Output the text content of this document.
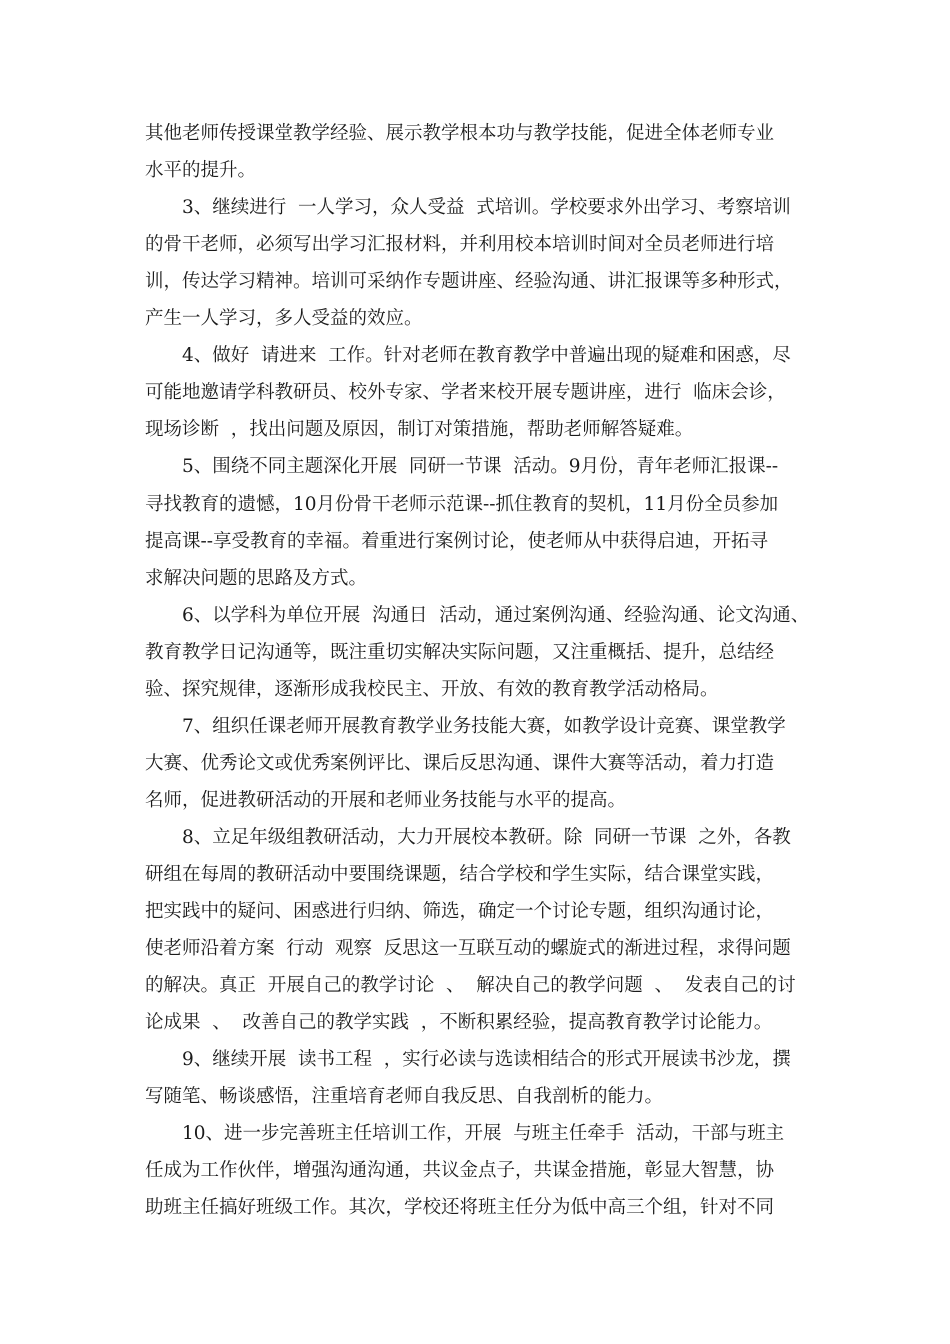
其他老师传授课堂教学经验、展示教学根本功与教学技能，促进全体老师专业
水平的提升。
3、继续进行  一人学习，众人受益  式培训。学校要求外出学习、考察培训
的骨干老师，必须写出学习汇报材料，并利用校本培训时间对全员老师进行培
训，传达学习精神。培训可采纳作专题讲座、经验沟通、讲汇报课等多种形式，
产生一人学习，多人受益的效应。
4、做好  请进来  工作。针对老师在教育教学中普遍出现的疑难和困惑，尽
可能地邀请学科教研员、校外专家、学者来校开展专题讲座，进行  临床会诊，
现场诊断  ，找出问题及原因，制订对策措施，帮助老师解答疑难。
5、围绕不同主题深化开展  同研一节课  活动。9月份，青年老师汇报课--
寻找教育的遗憾，10月份骨干老师示范课--抓住教育的契机，11月份全员参加
提高课--享受教育的幸福。着重进行案例讨论，使老师从中获得启迪，开拓寻
求解决问题的思路及方式。
6、以学科为单位开展  沟通日  活动，通过案例沟通、经验沟通、论文沟通、
教育教学日记沟通等，既注重切实解决实际问题，又注重概括、提升，总结经
验、探究规律，逐渐形成我校民主、开放、有效的教育教学活动格局。
7、组织任课老师开展教育教学业务技能大赛，如教学设计竞赛、课堂教学
大赛、优秀论文或优秀案例评比、课后反思沟通、课件大赛等活动，着力打造
名师，促进教研活动的开展和老师业务技能与水平的提高。
8、立足年级组教研活动，大力开展校本教研。除  同研一节课  之外，各教
研组在每周的教研活动中要围绕课题，结合学校和学生实际，结合课堂实践，
把实践中的疑问、困惑进行归纳、筛选，确定一个讨论专题，组织沟通讨论，
使老师沿着方案  行动  观察  反思这一互联互动的螺旋式的渐进过程，求得问题
的解决。真正  开展自己的教学讨论  、  解决自己的教学问题  、  发表自己的讨
论成果  、  改善自己的教学实践  ，不断积累经验，提高教育教学讨论能力。
9、继续开展  读书工程  ，实行必读与选读相结合的形式开展读书沙龙，撰
写随笔、畅谈感悟，注重培育老师自我反思、自我剖析的能力。
10、进一步完善班主任培训工作，开展  与班主任牵手  活动，干部与班主
任成为工作伙伴，增强沟通沟通，共议金点子，共谋金措施，彰显大智慧，协
助班主任搞好班级工作。其次，学校还将班主任分为低中高三个组，针对不同
